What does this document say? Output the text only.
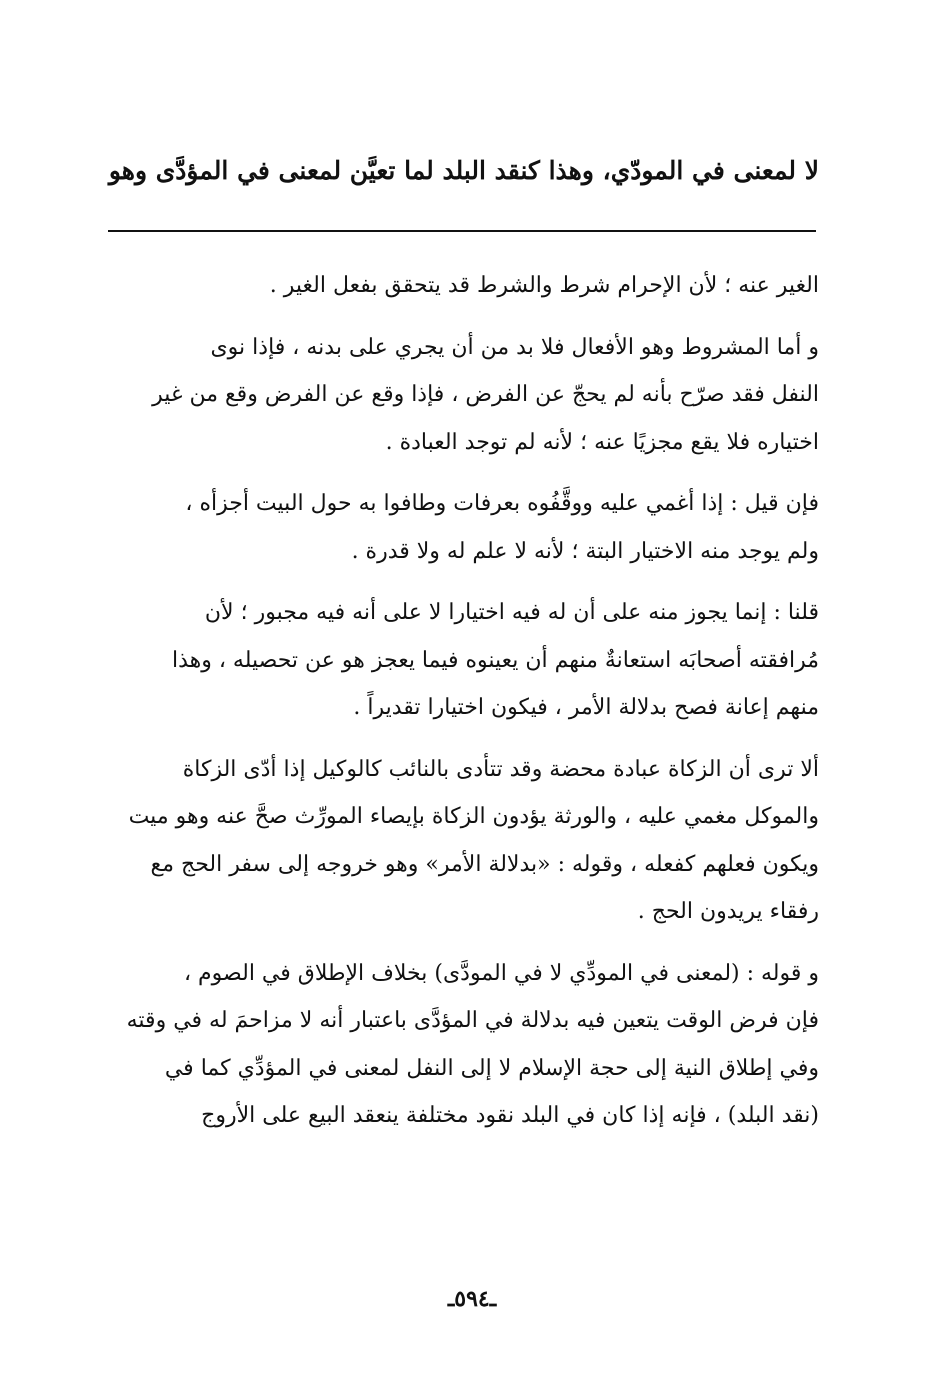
لا لمعنى في المودّي، وهذا كنقد البلد لما تعيَّن لمعنى في المؤدَّى وهو
الغير عنه ؛ لأن الإحرام شرط والشرط قد يتحقق بفعل الغير .
و أما المشروط وهو الأفعال فلا بد من أن يجري على بدنه ، فإذا نوى
النفل فقد صرّح بأنه لم يحجّ عن الفرض ، فإذا وقع عن الفرض وقع من غير
اختياره فلا يقع مجزيًا عنه ؛ لأنه لم توجد العبادة .
فإن قيل : إذا أغمي عليه ووقَّفُوه بعرفات وطافوا به حول البيت أجزأه ،
ولم يوجد منه الاختيار البتة ؛ لأنه لا علم له ولا قدرة .
قلنا : إنما يجوز منه على أن له فيه اختيارا لا على أنه فيه مجبور ؛ لأن
مُرافقته أصحابَه استعانةٌ منهم أن يعينوه فيما يعجز هو عن تحصيله ، وهذا
منهم إعانة فصح بدلالة الأمر ، فيكون اختيارا تقديراً .
ألا ترى أن الزكاة عبادة محضة وقد تتأدى بالنائب كالوكيل إذا أدّى الزكاة
والموكل مغمي عليه ، والورثة يؤدون الزكاة بإيصاء المورِّث صحَّ عنه وهو ميت
ويكون فعلهم كفعله ، وقوله : «بدلالة الأمر» وهو خروجه إلى سفر الحج مع
رفقاء يريدون الحج .
و قوله : (لمعنى في المودِّي لا في المودَّى) بخلاف الإطلاق في الصوم ،
فإن فرض الوقت يتعين فيه بدلالة في المؤدَّى باعتبار أنه لا مزاحمَ له في وقته
وفي إطلاق النية إلى حجة الإسلام لا إلى النفل لمعنى في المؤدِّي كما في
(نقد البلد) ، فإنه إذا كان في البلد نقود مختلفة ينعقد البيع على الأروج
ـ٥٩٤ـ
